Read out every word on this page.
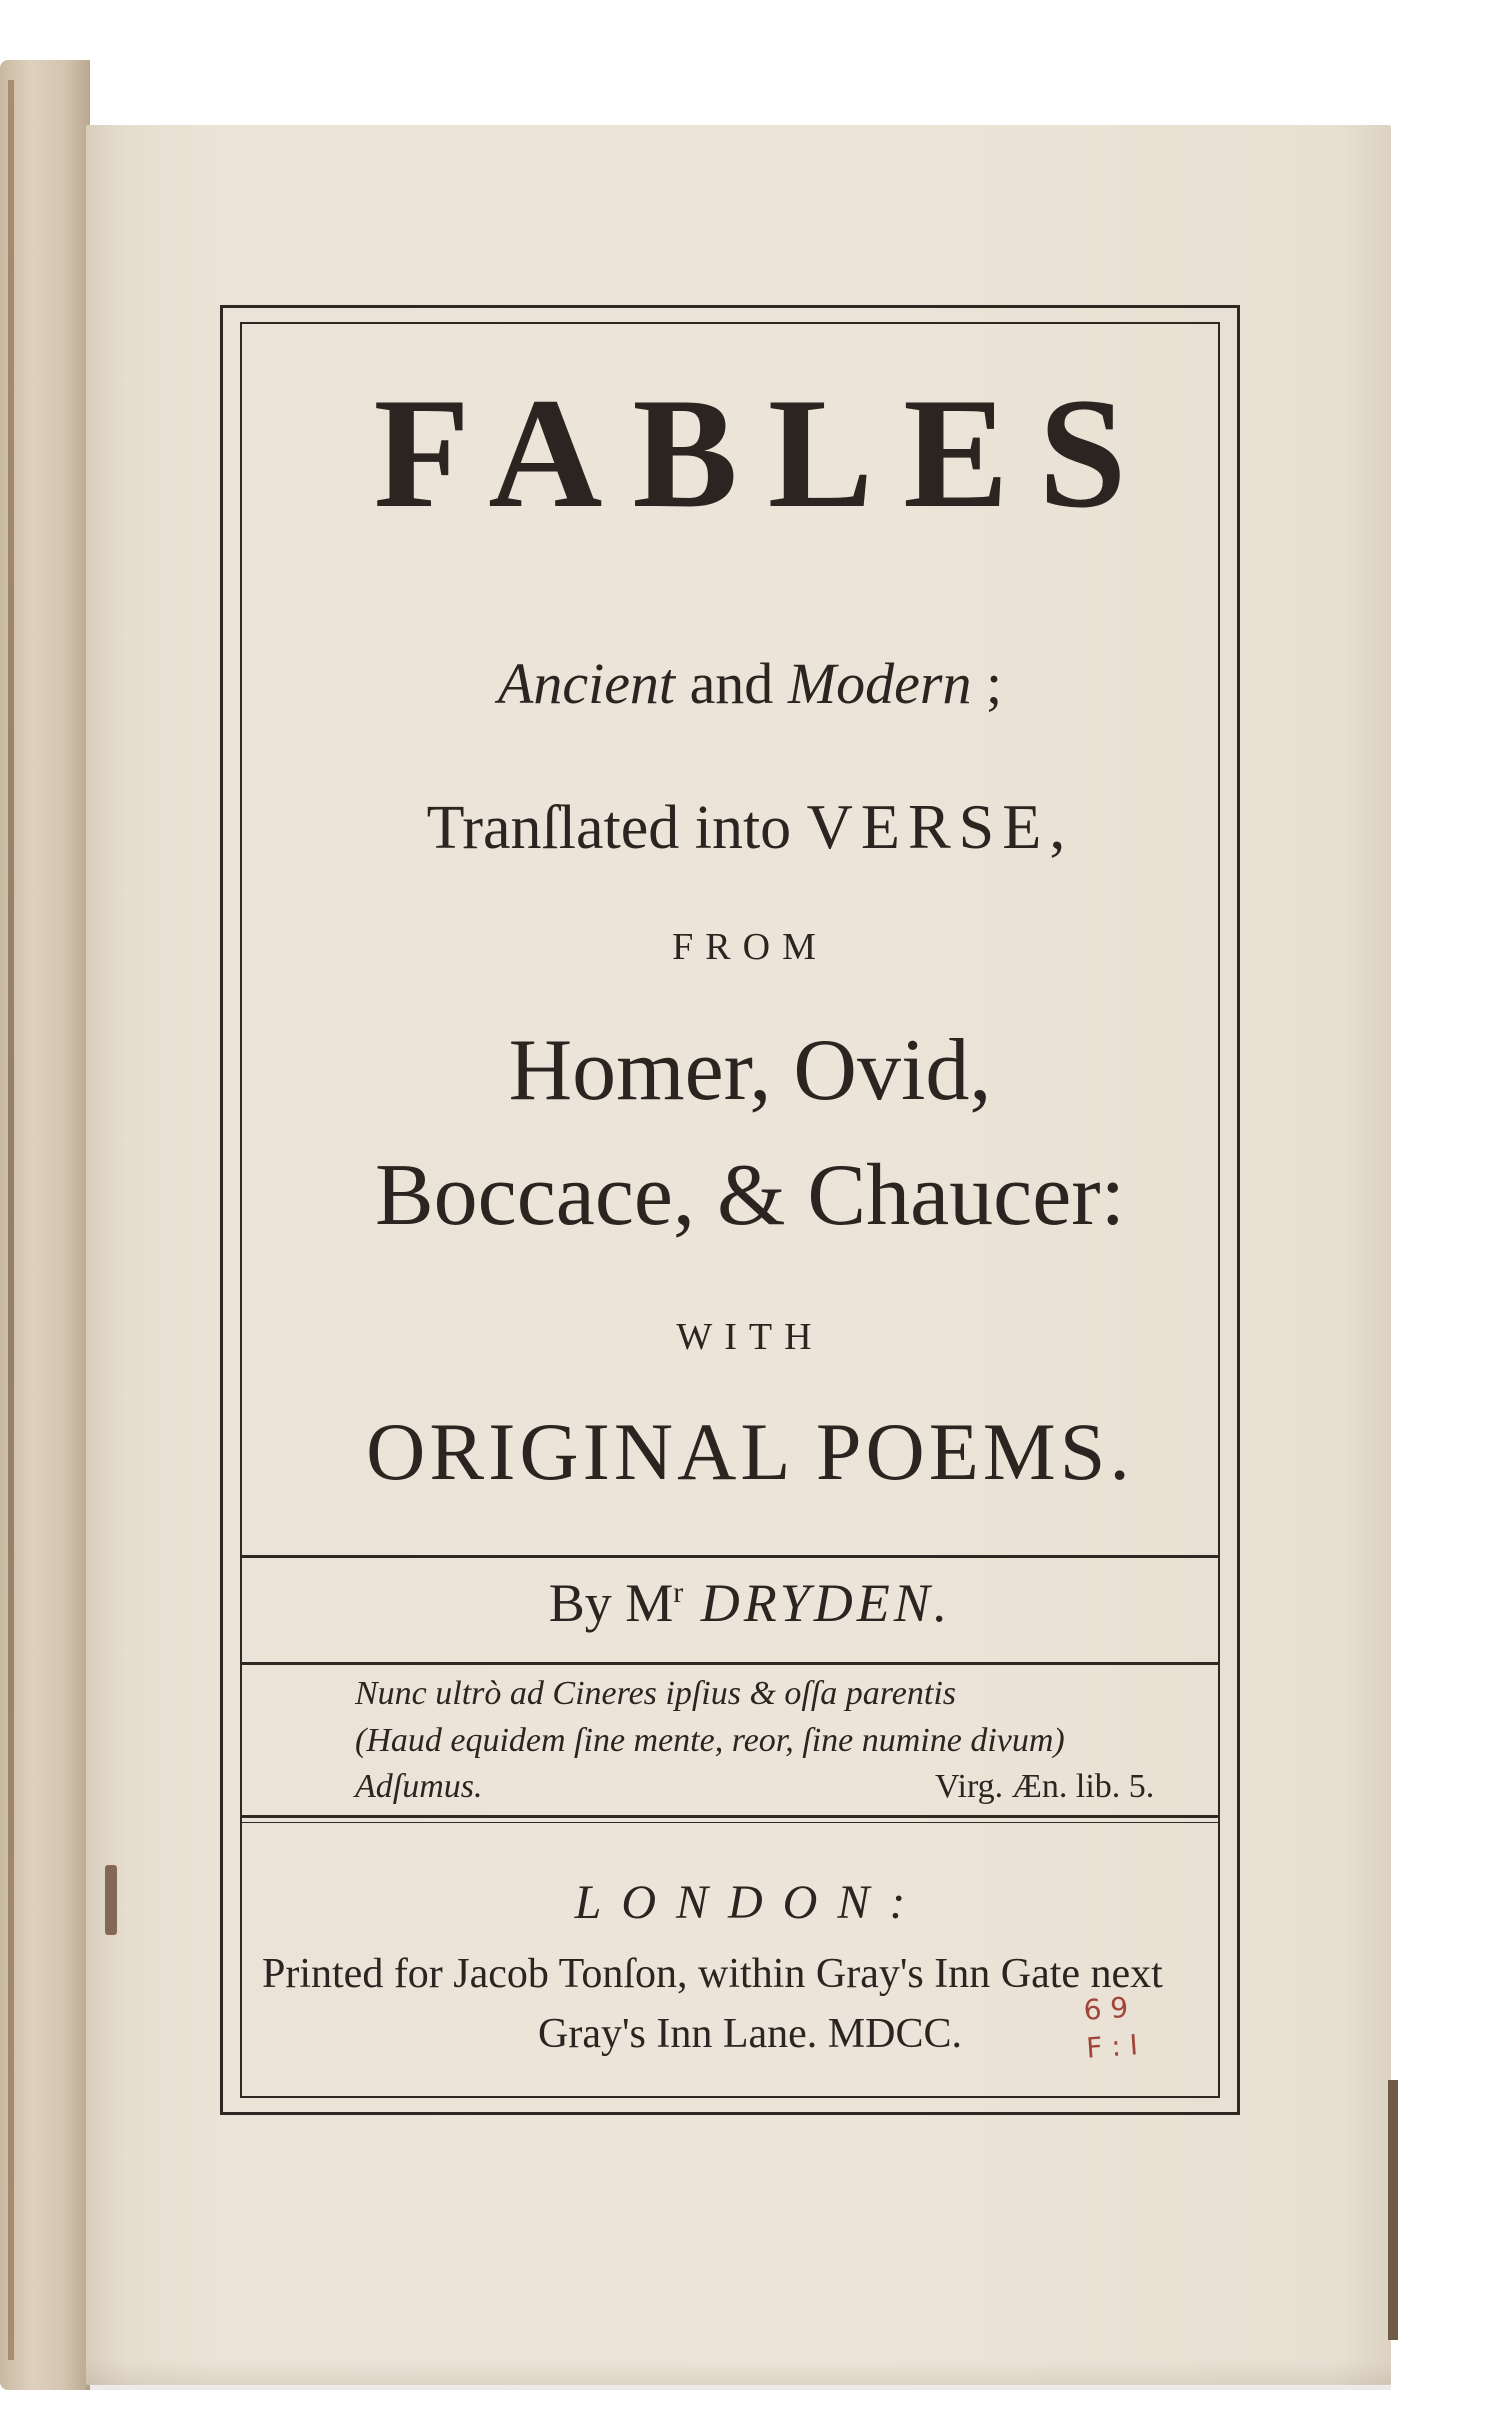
FABLES
Ancient and Modern ;
Tranſlated into VERSE,
FROM
Homer, Ovid,
Boccace, & Chaucer:
WITH
ORIGINAL POEMS.
By $M^r$ DRYDEN.
Nunc ultrò ad Cineres ipſius & oſſa parentis
(Haud equidem ſine mente, reor, ſine numine divum)
Adſumus.	Virg. Æn. lib. 5.
LONDON:
Printed for Jacob Tonſon, within Gray's Inn Gate next
Gray's Inn Lane. MDCC.
6 9
F : I
